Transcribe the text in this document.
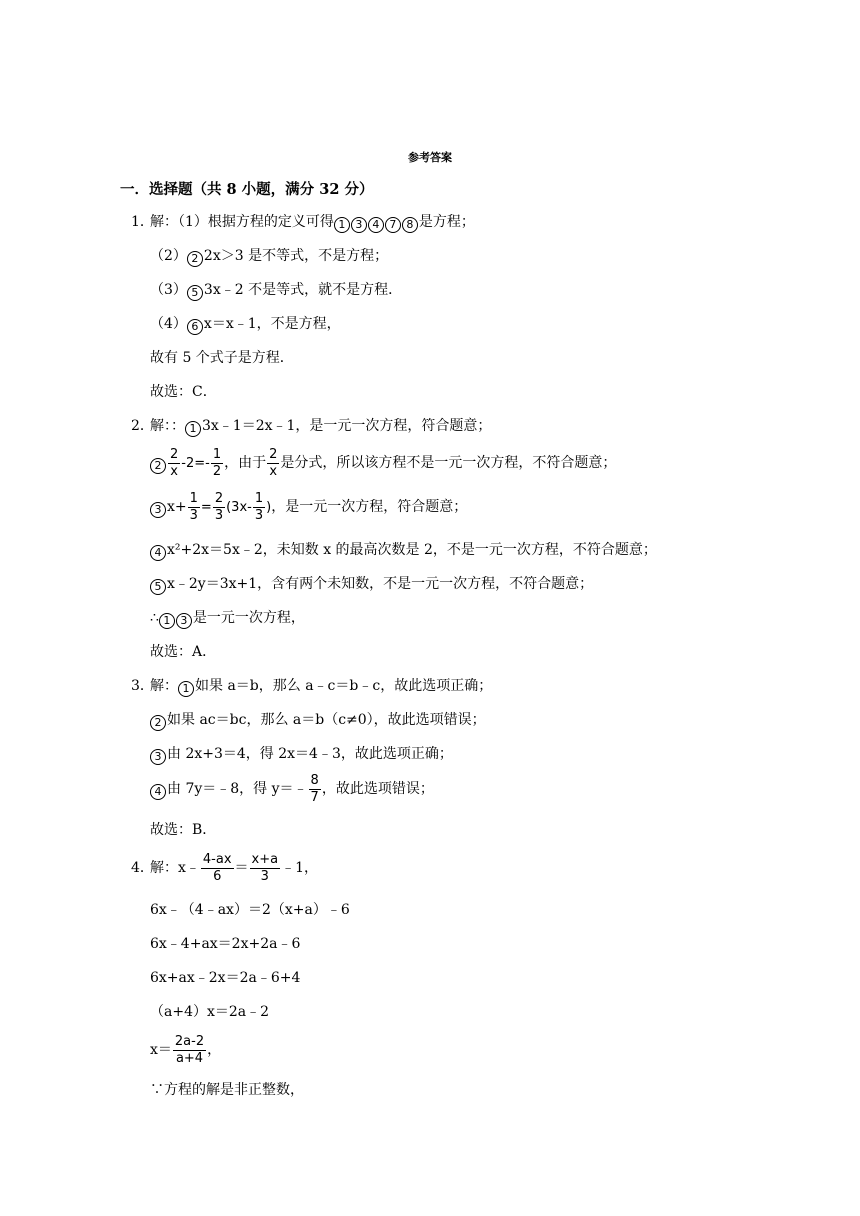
参考答案
一．选择题（共 8 小题，满分 32 分）
1．
解：（1）根据方程的定义可得 1 3 4 7 8 是方程；
（2） 2 2x＞3 是不等式，不是方程；
（3） 5 3x﹣2 不是等式，就不是方程．
（4） 6 x＝x﹣1，不是方程，
故有 5 个式子是方程．
故选：C．
2．
解：： 1 3x﹣1＝2x﹣1，是一元一次方程，符合题意；
$2 \frac{2}{x} -2=- \frac{1}{2}$ ，由于 $\frac{2}{x}$ 是分式，所以该方程不是一元一次方程，不符合题意；
3 $x+ \frac{1}{3} = \frac{2}{3} (3x- \frac{1}{3}$ )，是一元一次方程，符合题意；
4 x²+2x＝5x﹣2，未知数 x 的最高次数是 2，不是一元一次方程，不符合题意；
5 x﹣2y＝3x+1，含有两个未知数，不是一元一次方程，不符合题意；
∴ 1 3 是一元一次方程，
故选：A．
3．
解： 1 如果 a＝b，那么 a﹣c＝b﹣c，故此选项正确；
2 如果 ac＝bc，那么 a＝b（c≠0），故此选项错误；
3 由 2x+3＝4，得 2x＝4﹣3，故此选项正确；
4 由 7y＝﹣8，得 y＝﹣ $\frac{8}{7}$ ，故此选项错误；
故选：B．
4．
解：x﹣ $\frac{4-ax}{6} = \frac{x+a}{3}$ ﹣1，
6x﹣（4﹣ax）＝2（x+a）﹣6
6x﹣4+ax＝2x+2a﹣6
6x+ax﹣2x＝2a﹣6+4
（a+4）x＝2a﹣2
$x= \frac{2a-2}{a+4}$ ，
∵方程的解是非正整数，
